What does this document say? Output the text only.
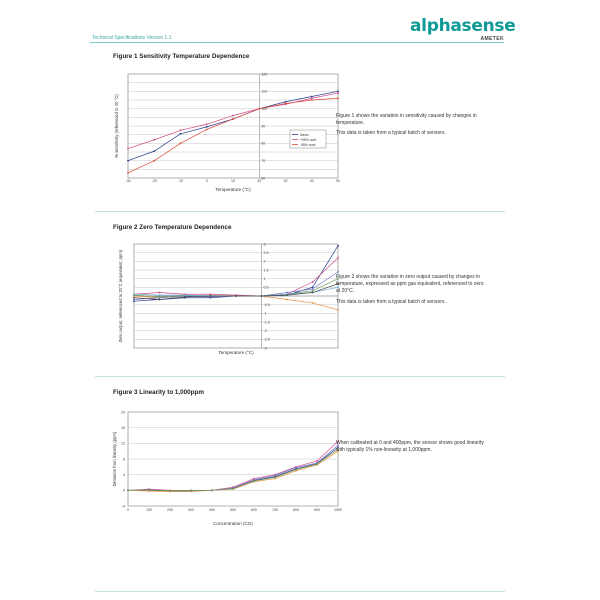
Technical Specifications Version 1.1
alphasense
AMETEK
Figure 1 Sensitivity Temperature Dependence
60
70
80
90
100
110
120
-30	-20	-10	0	10	20	30	40	50
Mean
+95% conf.
-95% conf.
Temperature (°C)
% sensitivity (referenced to 20 °C)	Figure 1 shows the variation in sensitivity caused by changes in temperature.

This data is taken from a typical batch of sensors.

Figure 2 Zero Temperature Dependence
-3
-2.5
-2
-1.5
-1
-0.5
0
0.5
1
1.5
2
2.5
3
Temperature (°C)
Zero output, referenced to 20°C (equivalent, ppm)	Figure 2 shows the variation in zero output caused by changes in temperature, expressed as ppm gas equivalent, referenced to zero at 20°C.

This data is taken from a typical batch of sensors.

Figure 3 Linearity to 1,000ppm
-4
0
4
8
12
16
20
0	100	200	300	400	500	600	700	800	900	1000
Concentration (CO)
Deviation from linearity (ppm)	When calibrated at 0 and 400ppm, the sensor shows good linearity with typically 1% non-linearity at 1,000ppm.
